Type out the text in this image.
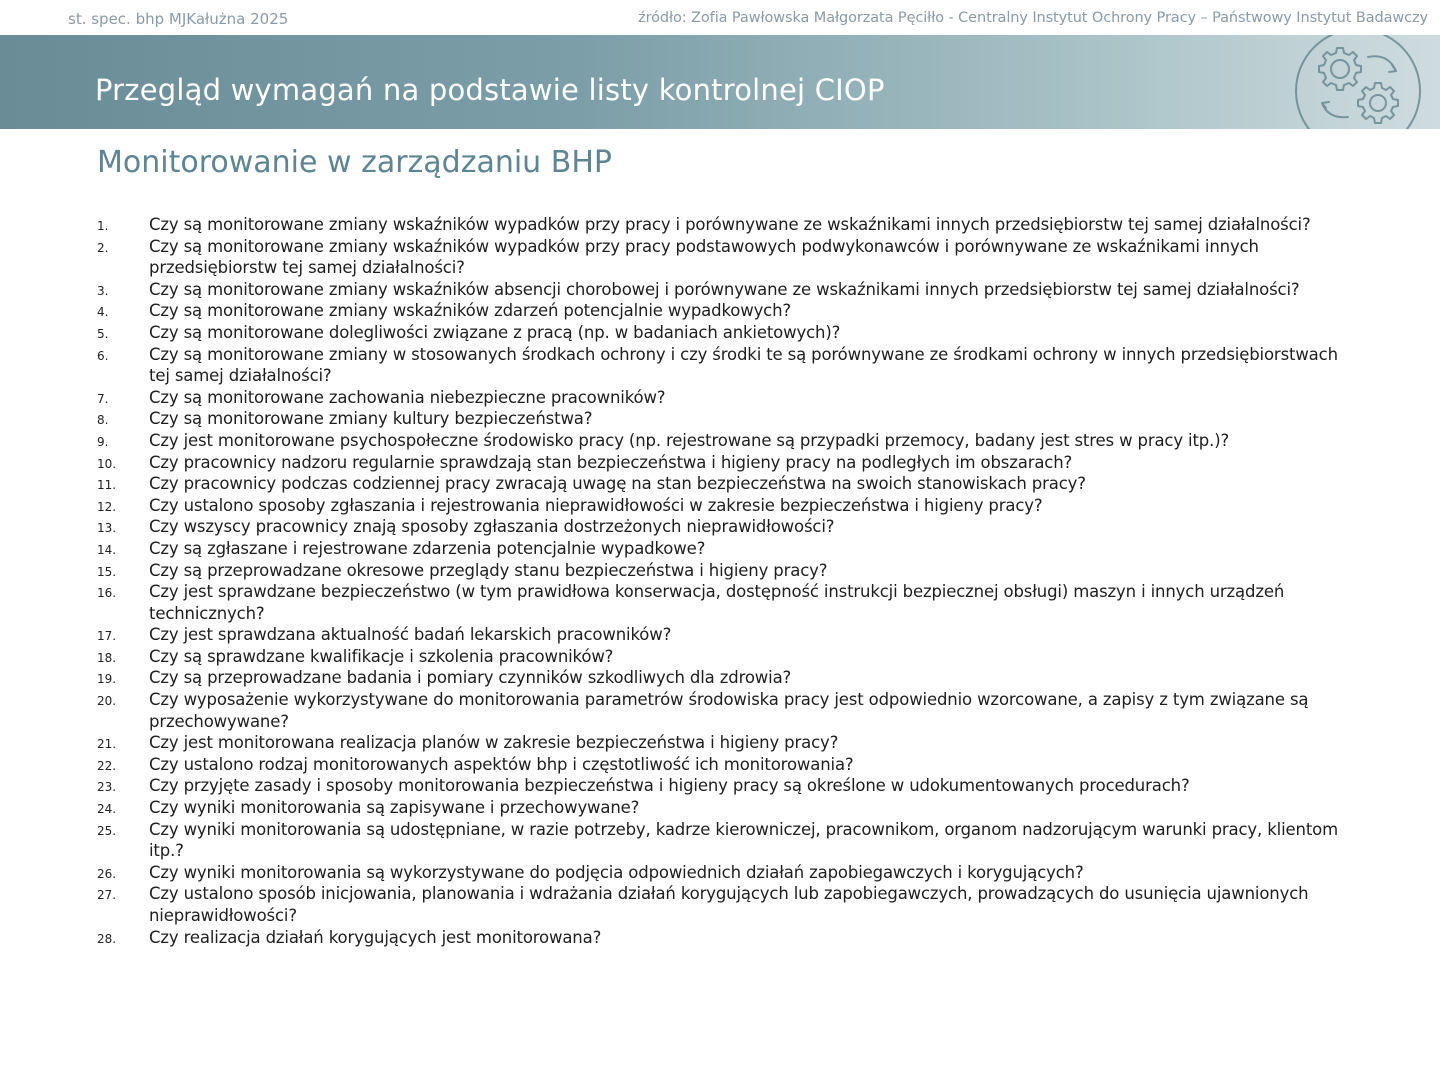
st. spec. bhp MJKałużna 2025	źródło: Zofia Pawłowska Małgorzata Pęciłło - Centralny Instytut Ochrony Pracy – Państwowy Instytut Badawczy
Przegląd wymagań na podstawie listy kontrolnej CIOP
Monitorowanie w zarządzaniu BHP
1. Czy są monitorowane zmiany wskaźników wypadków przy pracy i porównywane ze wskaźnikami innych przedsiębiorstw tej samej działalności?
2. Czy są monitorowane zmiany wskaźników wypadków przy pracy podstawowych podwykonawców i porównywane ze wskaźnikami innych przedsiębiorstw tej samej działalności?
3. Czy są monitorowane zmiany wskaźników absencji chorobowej i porównywane ze wskaźnikami innych przedsiębiorstw tej samej działalności?
4. Czy są monitorowane zmiany wskaźników zdarzeń potencjalnie wypadkowych?
5. Czy są monitorowane dolegliwości związane z pracą (np. w badaniach ankietowych)?
6. Czy są monitorowane zmiany w stosowanych środkach ochrony i czy środki te są porównywane ze środkami ochrony w innych przedsiębiorstwach tej samej działalności?
7. Czy są monitorowane zachowania niebezpieczne pracowników?
8. Czy są monitorowane zmiany kultury bezpieczeństwa?
9. Czy jest monitorowane psychospołeczne środowisko pracy (np. rejestrowane są przypadki przemocy, badany jest stres w pracy itp.)?
10. Czy pracownicy nadzoru regularnie sprawdzają stan bezpieczeństwa i higieny pracy na podległych im obszarach?
11. Czy pracownicy podczas codziennej pracy zwracają uwagę na stan bezpieczeństwa na swoich stanowiskach pracy?
12. Czy ustalono sposoby zgłaszania i rejestrowania nieprawidłowości w zakresie bezpieczeństwa i higieny pracy?
13. Czy wszyscy pracownicy znają sposoby zgłaszania dostrzeżonych nieprawidłowości?
14. Czy są zgłaszane i rejestrowane zdarzenia potencjalnie wypadkowe?
15. Czy są przeprowadzane okresowe przeglądy stanu bezpieczeństwa i higieny pracy?
16. Czy jest sprawdzane bezpieczeństwo (w tym prawidłowa konserwacja, dostępność instrukcji bezpiecznej obsługi) maszyn i innych urządzeń technicznych?
17. Czy jest sprawdzana aktualność badań lekarskich pracowników?
18. Czy są sprawdzane kwalifikacje i szkolenia pracowników?
19. Czy są przeprowadzane badania i pomiary czynników szkodliwych dla zdrowia?
20. Czy wyposażenie wykorzystywane do monitorowania parametrów środowiska pracy jest odpowiednio wzorcowane, a zapisy z tym związane są przechowywane?
21. Czy jest monitorowana realizacja planów w zakresie bezpieczeństwa i higieny pracy?
22. Czy ustalono rodzaj monitorowanych aspektów bhp i częstotliwość ich monitorowania?
23. Czy przyjęte zasady i sposoby monitorowania bezpieczeństwa i higieny pracy są określone w udokumentowanych procedurach?
24. Czy wyniki monitorowania są zapisywane i przechowywane?
25. Czy wyniki monitorowania są udostępniane, w razie potrzeby, kadrze kierowniczej, pracownikom, organom nadzorującym warunki pracy, klientom itp.?
26. Czy wyniki monitorowania są wykorzystywane do podjęcia odpowiednich działań zapobiegawczych i korygujących?
27. Czy ustalono sposób inicjowania, planowania i wdrażania działań korygujących lub zapobiegawczych, prowadzących do usunięcia ujawnionych nieprawidłowości?
28. Czy realizacja działań korygujących jest monitorowana?
